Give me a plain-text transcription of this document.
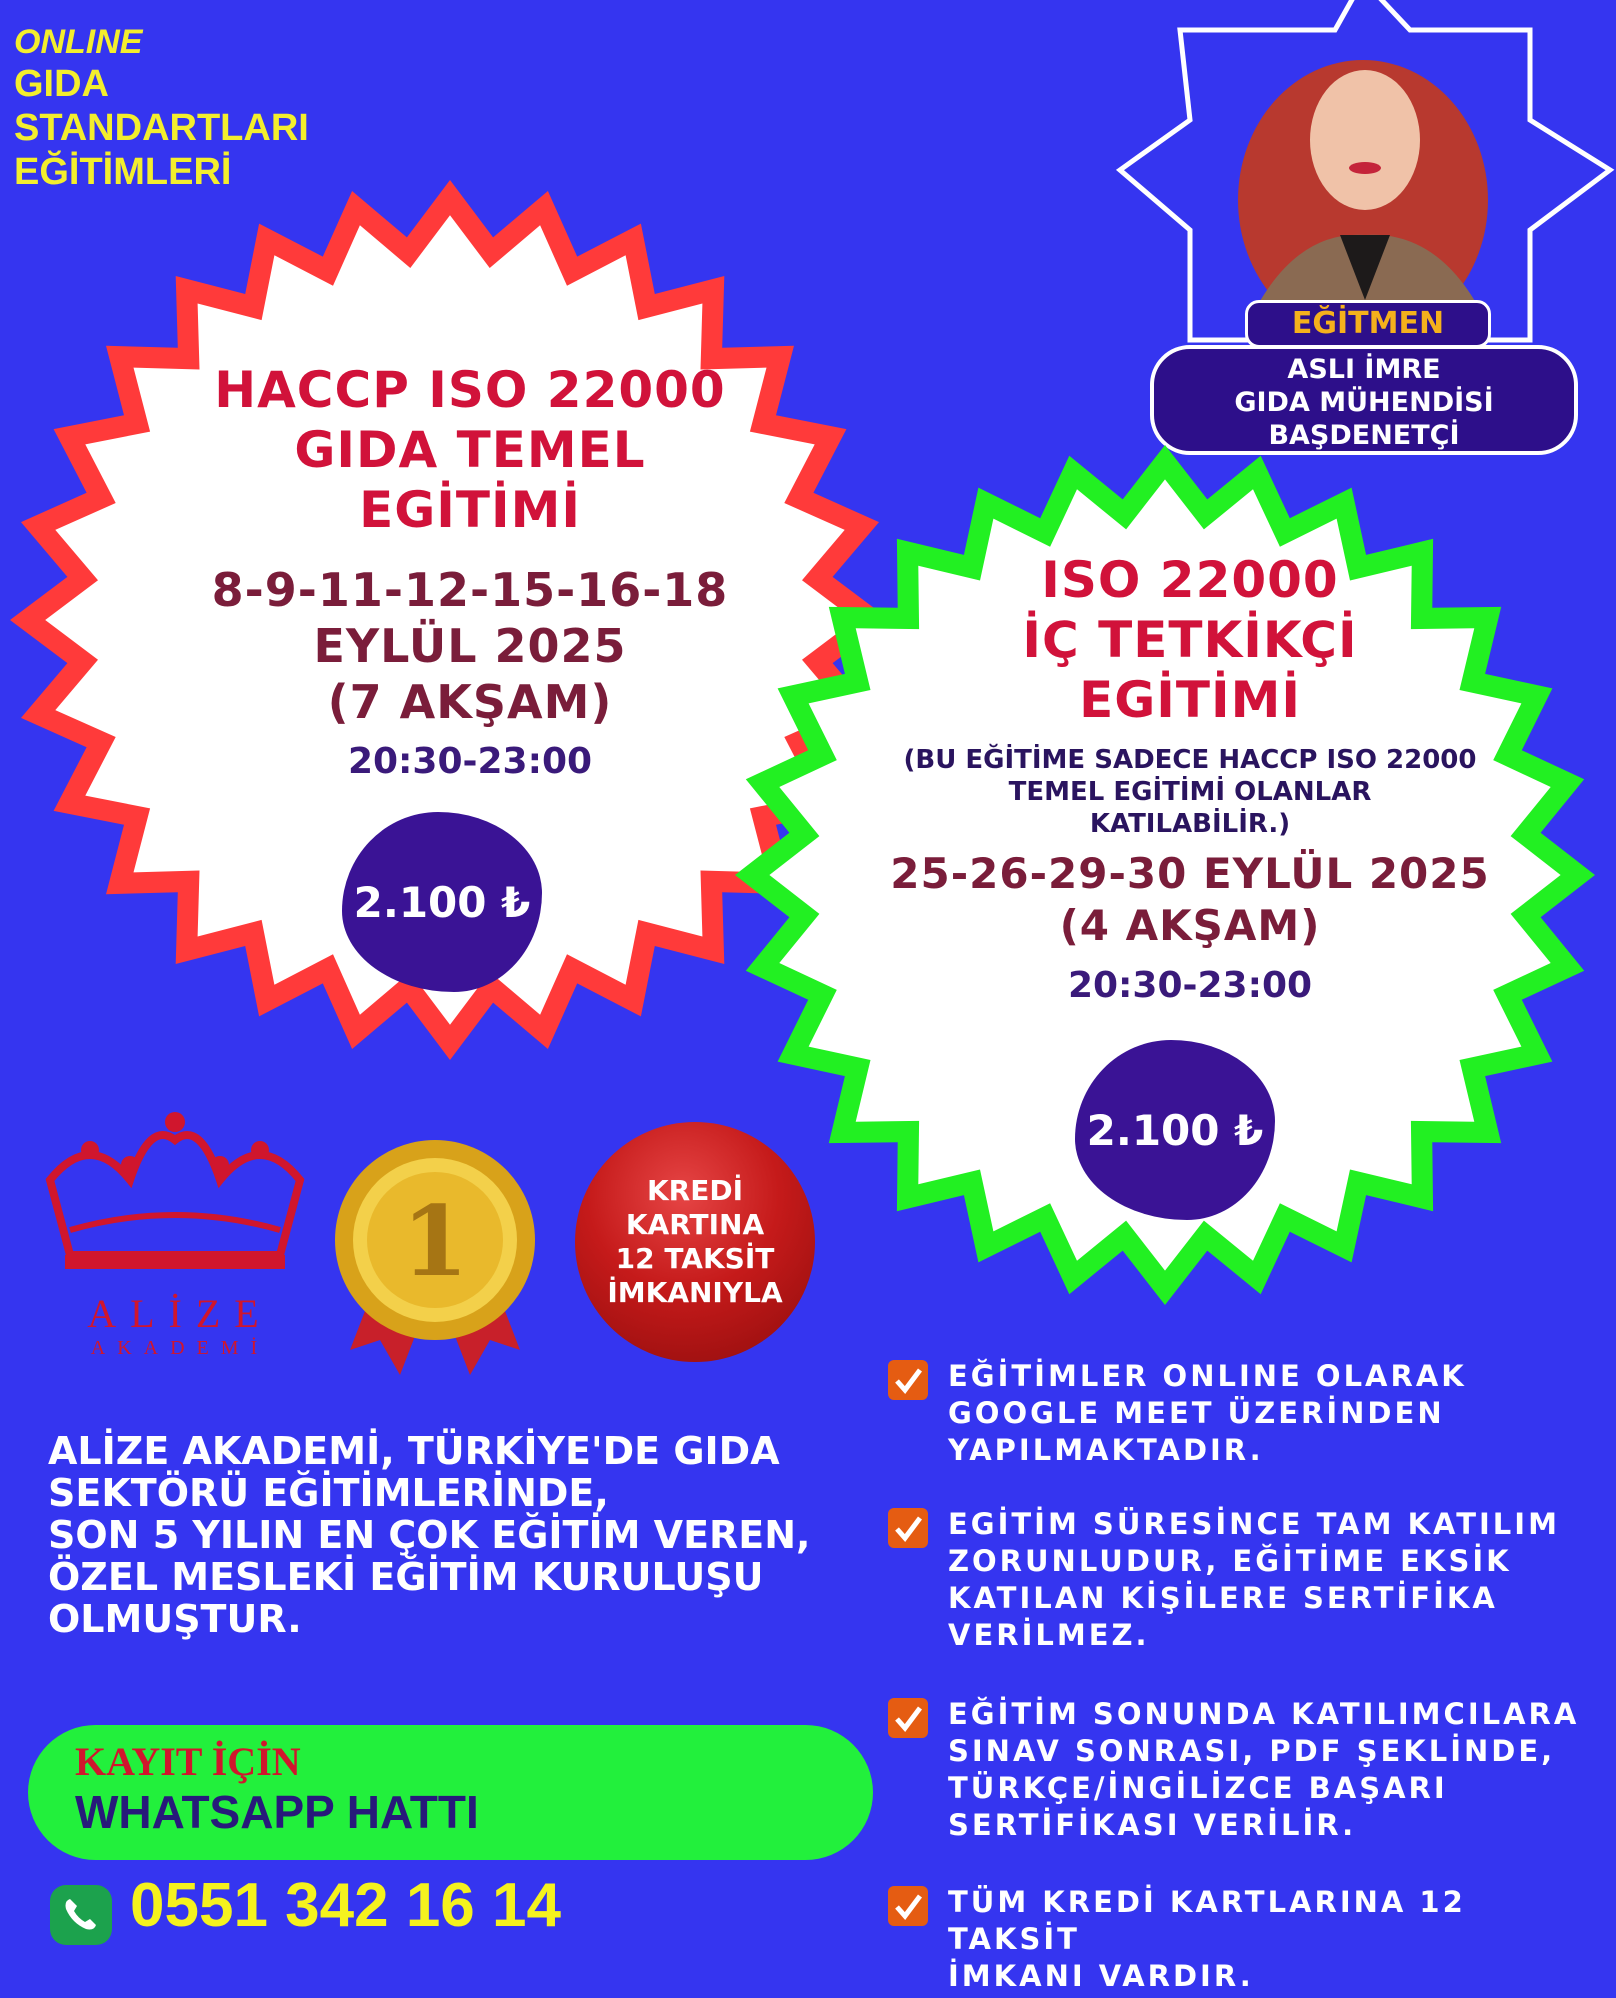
ONLINE
GIDA
STANDARTLARI
EĞİTİMLERİ
EĞİTMEN
ASLI İMRE
GIDA MÜHENDİSİ
BAŞDENETÇİ
HACCP ISO 22000
GIDA TEMEL
EGİTİMİ
8-9-11-12-15-16-18
EYLÜL 2025
(7 AKŞAM)
20:30-23:00
2.100 ₺
ISO 22000
İÇ TETKİKÇİ
EGİTİMİ
(BU EĞİTİME SADECE HACCP ISO 22000
TEMEL EGİTİMİ OLANLAR
KATILABİLİR.)
25-26-29-30 EYLÜL 2025
(4 AKŞAM)
20:30-23:00
2.100 ₺
ALİZE
AKADEMİ
1	KREDİ
KARTINA
12 TAKSİT
İMKANIYLA
ALİZE AKADEMİ, TÜRKİYE'DE GIDA
SEKTÖRÜ EĞİTİMLERİNDE,
SON 5 YILIN EN ÇOK EĞİTİM VEREN,
ÖZEL MESLEKİ EĞİTİM KURULUŞU
OLMUŞTUR.
KAYIT İÇİN
WHATSAPP HATTI
0551 342 16 14
EĞİTİMLER ONLINE OLARAK
GOOGLE MEET ÜZERİNDEN
YAPILMAKTADIR.
EGİTİM SÜRESİNCE TAM KATILIM
ZORUNLUDUR, EĞİTİME EKSİK
KATILAN KİŞİLERE SERTİFİKA
VERİLMEZ.
EĞİTİM SONUNDA KATILIMCILARA
SINAV SONRASI, PDF ŞEKLİNDE,
TÜRKÇE/İNGİLİZCE BAŞARI
SERTİFİKASI VERİLİR.
TÜM KREDİ KARTLARINA 12 TAKSİT
İMKANI VARDIR.
